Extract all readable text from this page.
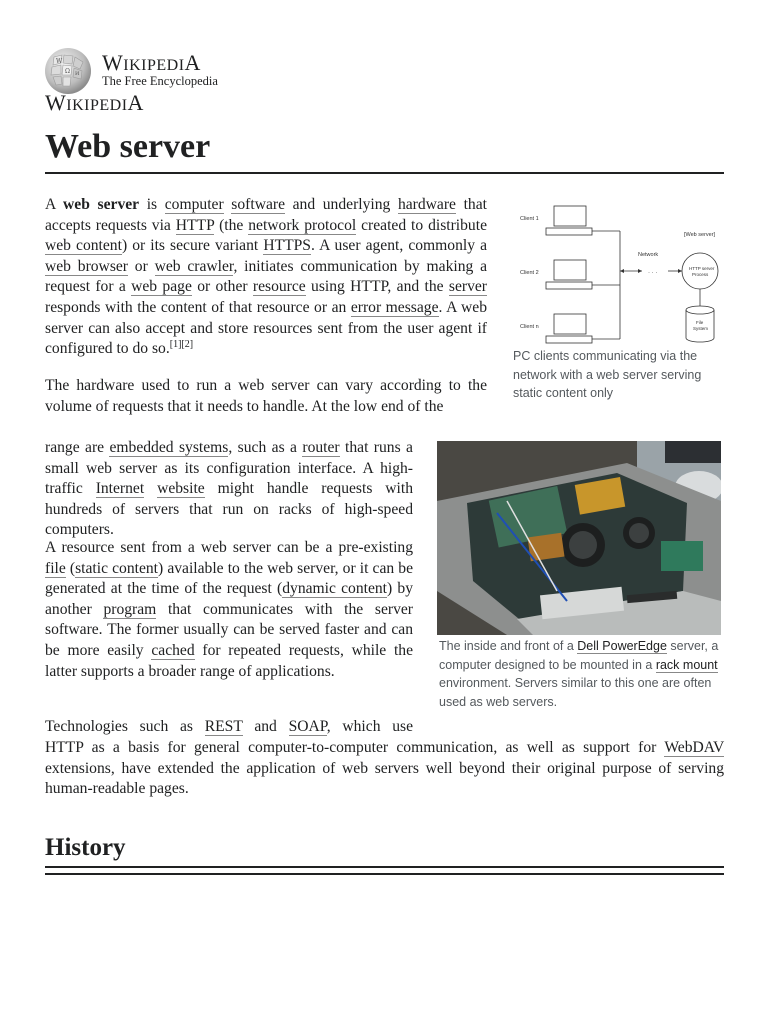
W
Ω И WIKIPEDIA
The Free Encyclopedia
WIKIPEDIA
Web server

A web server is computer software and underlying hardware that accepts requests via HTTP (the network protocol created to distribute web content) or its secure variant HTTPS. A user agent, commonly a web browser or web crawler, initiates communication by making a request for a web page or other resource using HTTP, and the server responds with the content of that resource or an error message. A web server can also accept and store resources sent from the user agent if configured to do so.[1][2]

The hardware used to run a web server can vary according to the volume of requests that it needs to handle. At the low end of the

range are embedded systems, such as a router that runs a small web server as its configuration interface. A high-traffic Internet website might handle requests with hundreds of servers that run on racks of high-speed computers.

A resource sent from a web server can be a pre-existing file (static content) available to the web server, or it can be generated at the time of the request (dynamic content) by another program that communicates with the server software. The former usually can be served faster and can be more easily cached for repeated requests, while the latter supports a broader range of applications.

Technologies such as REST and SOAP, which use

HTTP as a basis for general computer-to-computer communication, as well as support for WebDAV extensions, have extended the application of web servers well beyond their original purpose of serving human-readable pages.

· · ·
Client 1
Client 2
Client n
Network
[Web server]
HTTP server
Process
File
System

PC clients communicating via the network with a web server serving static content only

The inside and front of a Dell PowerEdge server, a computer designed to be mounted in a rack mount environment. Servers similar to this one are often used as web servers.

History
